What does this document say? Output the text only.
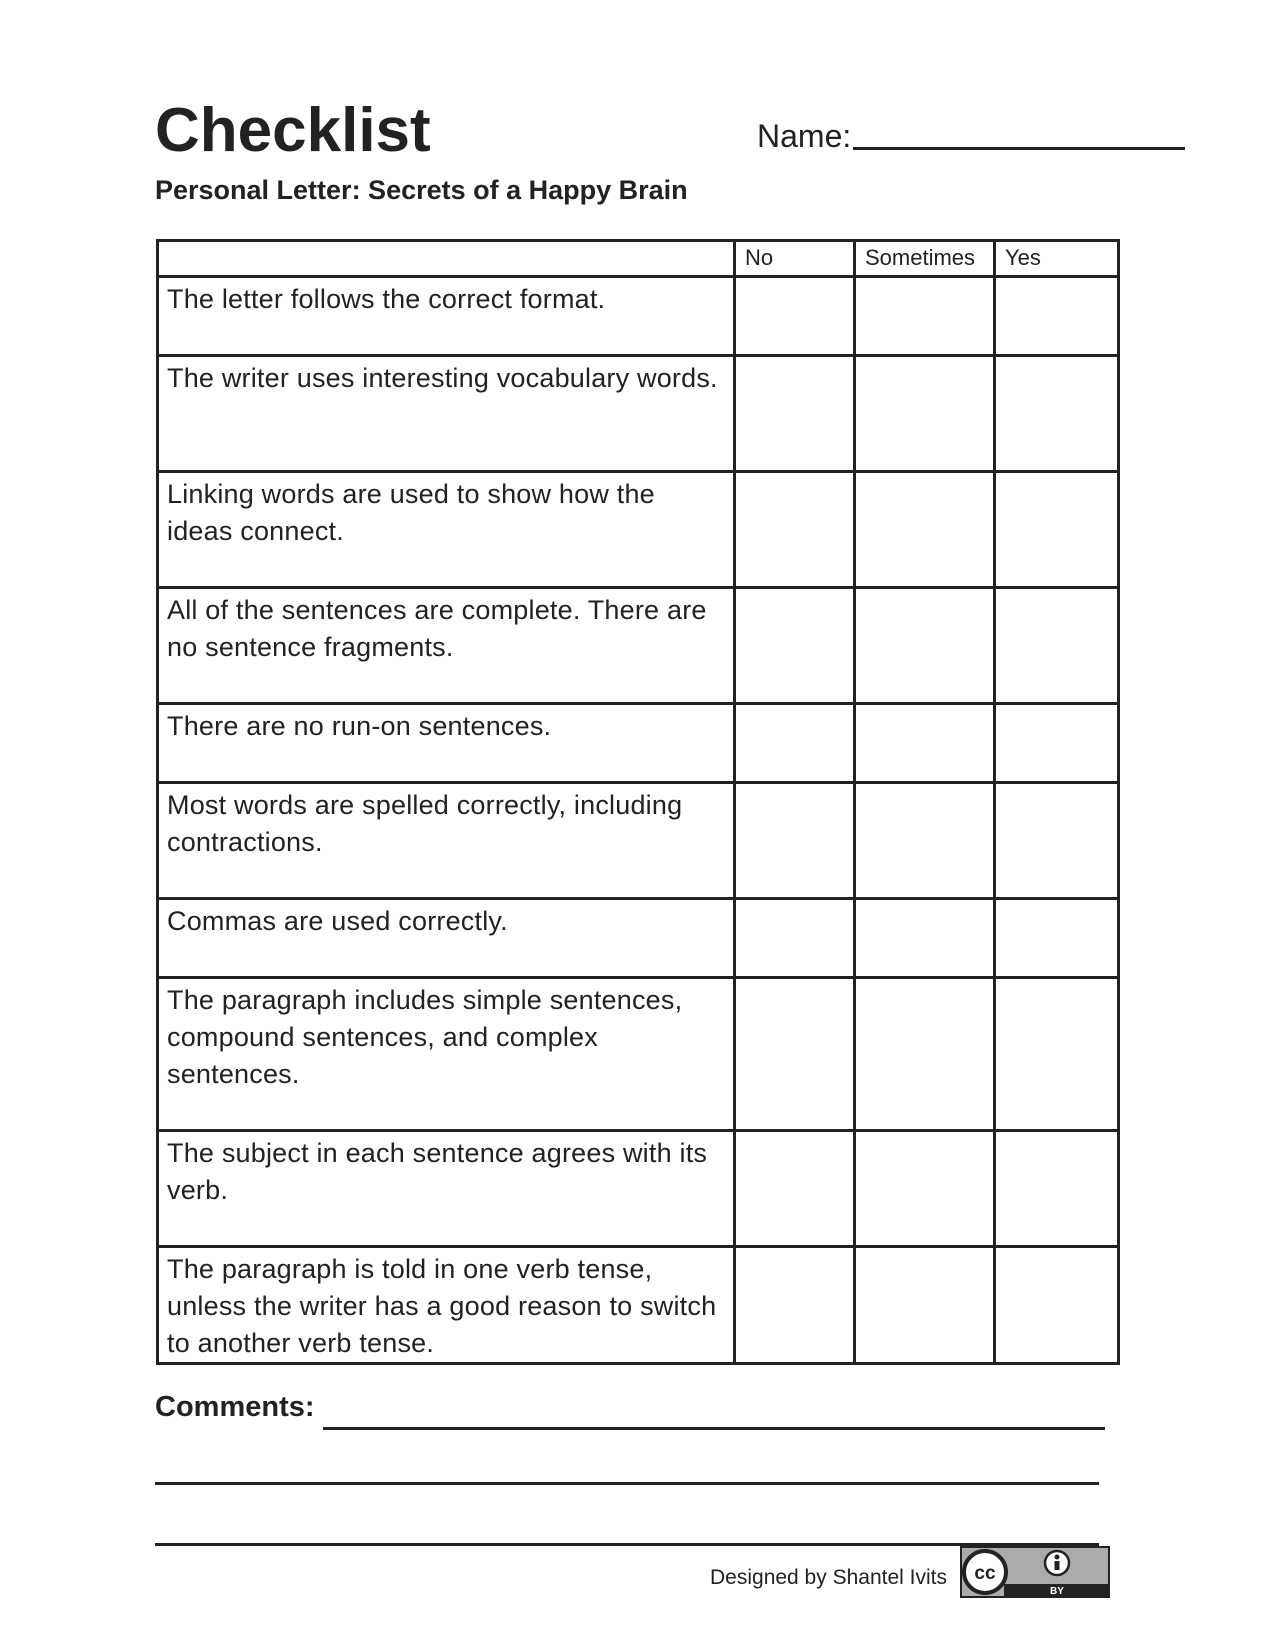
Checklist	Name:
Personal Letter: Secrets of a Happy Brain
	No	Sometimes	Yes
The letter follows the correct format.			
The writer uses interesting vocabulary words.			
Linking words are used to show how the ideas connect.			
All of the sentences are complete. There are no sentence fragments.			
There are no run-on sentences.			
Most words are spelled correctly, including contractions.			
Commas are used correctly.			
The paragraph includes simple sentences, compound sentences, and complex sentences.			
The subject in each sentence agrees with its verb.			
The paragraph is told in one verb tense, unless the writer has a good reason to switch to another verb tense.			
Comments:
Designed by Shantel Ivits cc
BY
